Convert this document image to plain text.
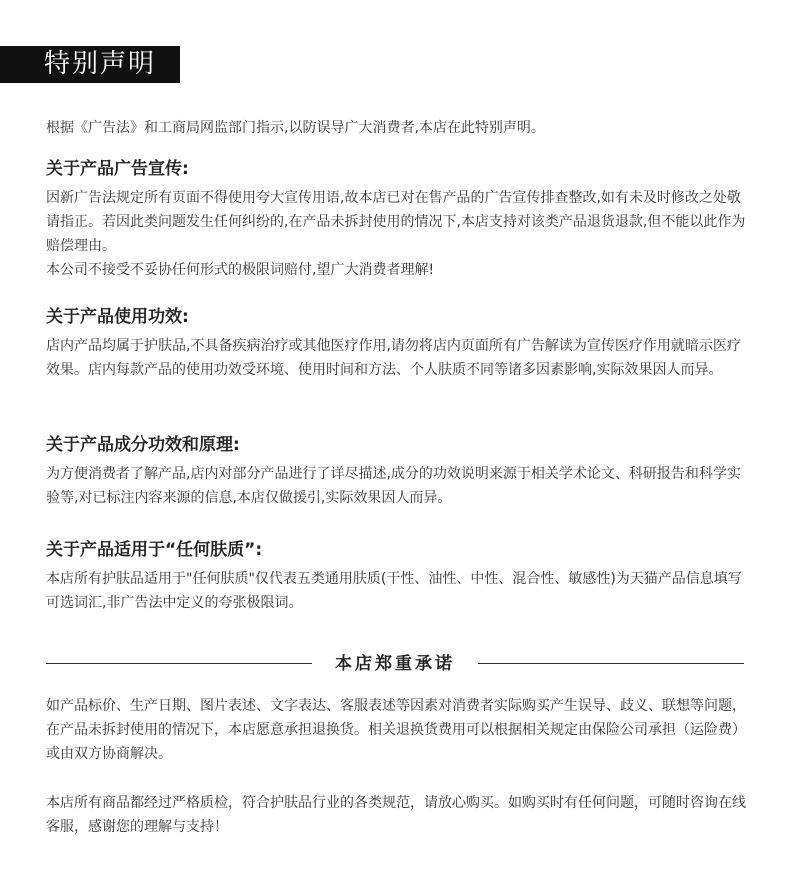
特别声明

根据《广告法》和工商局网监部门指示,以防误导广大消费者,本店在此特别声明。

关于产品广告宣传:

因新广告法规定所有页面不得使用夸大宣传用语,故本店已对在售产品的广告宣传排查整改,如有未及时修改之处敬请指正。若因此类问题发生任何纠纷的,在产品未拆封使用的情况下,本店支持对该类产品退货退款,但不能以此作为赔偿理由。

本公司不接受不妥协任何形式的极限词赔付,望广大消费者理解!

关于产品使用功效:

店内产品均属于护肤品,不具备疾病治疗或其他医疗作用,请勿将店内页面所有广告解读为宣传医疗作用就暗示医疗效果。店内每款产品的使用功效受环境、使用时间和方法、个人肤质不同等诸多因素影响,实际效果因人而异。

关于产品成分功效和原理:

为方便消费者了解产品,店内对部分产品进行了详尽描述,成分的功效说明来源于相关学术论文、科研报告和科学实验等,对已标注内容来源的信息,本店仅做援引,实际效果因人而异。

关于产品适用于“任何肤质”:

本店所有护肤品适用于"任何肤质"仅代表五类通用肤质(干性、油性、中性、混合性、敏感性)为天猫产品信息填写可选词汇,非广告法中定义的夸张极限词。

本店郑重承诺

如产品标价、生产日期、图片表述、文字表达、客服表述等因素对消费者实际购买产生误导、歧义、联想等问题，在产品未拆封使用的情况下，本店愿意承担退换货。相关退换货费用可以根据相关规定由保险公司承担（运险费）或由双方协商解决。

本店所有商品都经过严格质检，符合护肤品行业的各类规范，请放心购买。如购买时有任何问题，可随时咨询在线客服，感谢您的理解与支持！
